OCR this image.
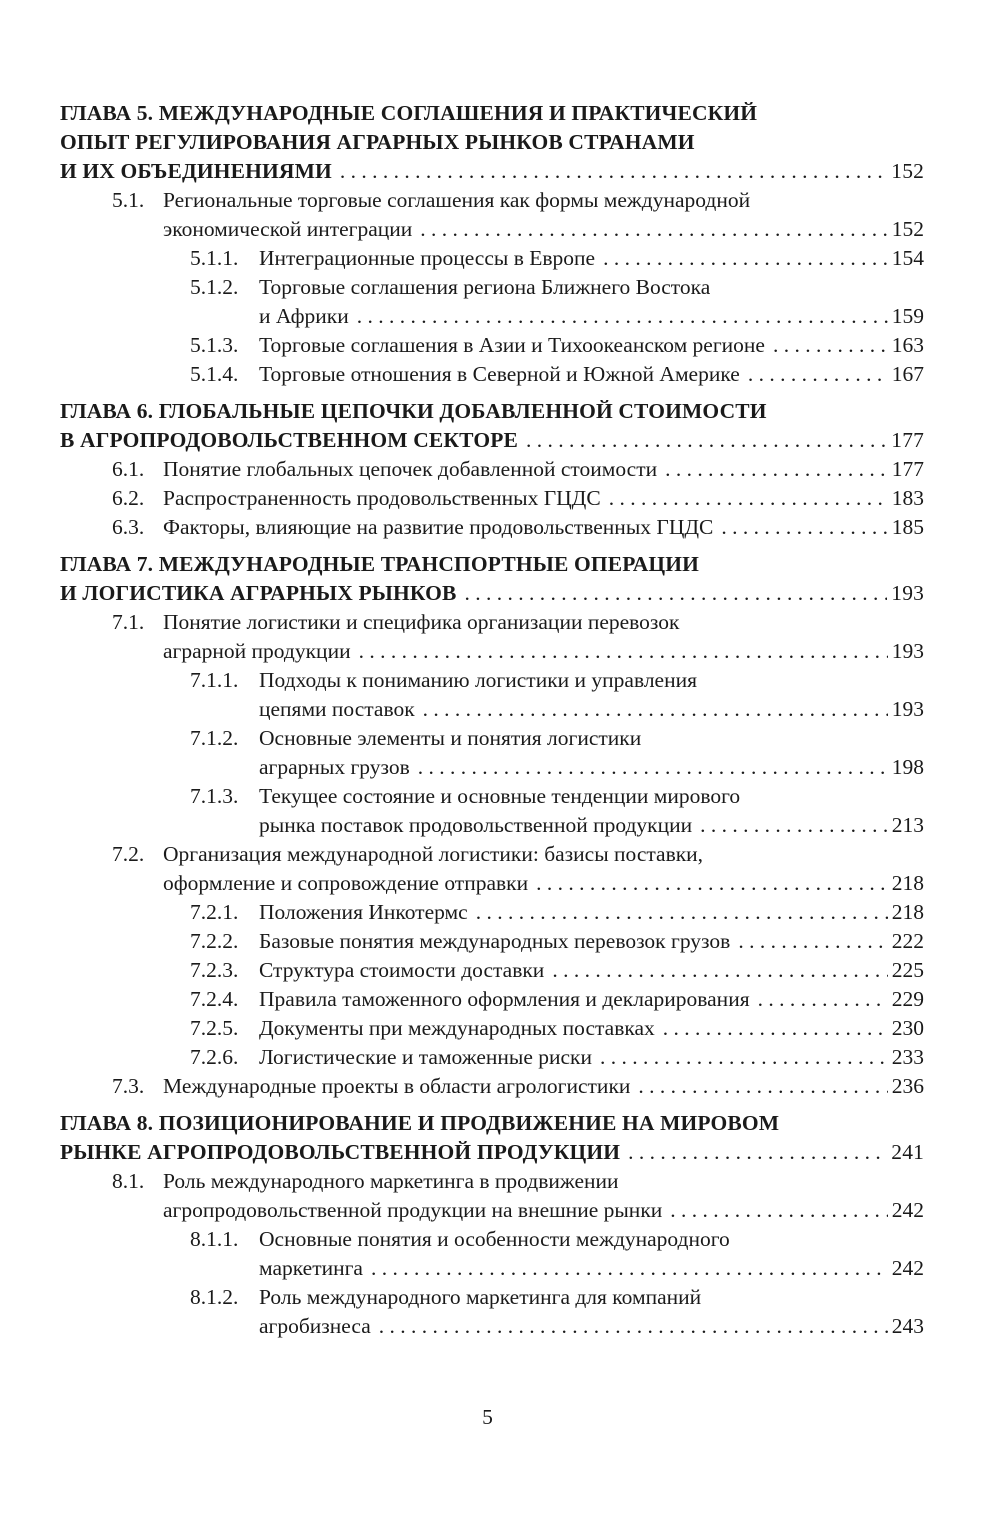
ГЛАВА 5. МЕЖДУНАРОДНЫЕ СОГЛАШЕНИЯ И ПРАКТИЧЕСКИЙ
ОПЫТ РЕГУЛИРОВАНИЯ АГРАРНЫХ РЫНКОВ СТРАНАМИ
И ИХ ОБЪЕДИНЕНИЯМИ . . .	152
5.1. Региональные торговые соглашения как формы международной
экономической интеграции . . .	152
5.1.1. Интеграционные процессы в Европе . . .	154
5.1.2. Торговые соглашения региона Ближнего Востока
и Африки . . .	159
5.1.3. Торговые соглашения в Азии и Тихоокеанском регионе . . .	163
5.1.4. Торговые отношения в Северной и Южной Америке . . .	167
ГЛАВА 6. ГЛОБАЛЬНЫЕ ЦЕПОЧКИ ДОБАВЛЕННОЙ СТОИМОСТИ
В АГРОПРОДОВОЛЬСТВЕННОМ СЕКТОРЕ . . .	177
6.1. Понятие глобальных цепочек добавленной стоимости . . .	177
6.2. Распространенность продовольственных ГЦДС . . .	183
6.3. Факторы, влияющие на развитие продовольственных ГЦДС . . .	185
ГЛАВА 7. МЕЖДУНАРОДНЫЕ ТРАНСПОРТНЫЕ ОПЕРАЦИИ
И ЛОГИСТИКА АГРАРНЫХ РЫНКОВ . . .	193
7.1. Понятие логистики и специфика организации перевозок
аграрной продукции . . .	193
7.1.1. Подходы к пониманию логистики и управления
цепями поставок . . .	193
7.1.2. Основные элементы и понятия логистики
аграрных грузов . . .	198
7.1.3. Текущее состояние и основные тенденции мирового
рынка поставок продовольственной продукции . . .	213
7.2. Организация международной логистики: базисы поставки,
оформление и сопровождение отправки . . .	218
7.2.1. Положения Инкотермс . . .	218
7.2.2. Базовые понятия международных перевозок грузов . . .	222
7.2.3. Структура стоимости доставки . . .	225
7.2.4. Правила таможенного оформления и декларирования . . .	229
7.2.5. Документы при международных поставках . . .	230
7.2.6. Логистические и таможенные риски . . .	233
7.3. Международные проекты в области агрологистики . . .	236
ГЛАВА 8. ПОЗИЦИОНИРОВАНИЕ И ПРОДВИЖЕНИЕ НА МИРОВОМ
РЫНКЕ АГРОПРОДОВОЛЬСТВЕННОЙ ПРОДУКЦИИ . . .	241
8.1. Роль международного маркетинга в продвижении
агропродовольственной продукции на внешние рынки . . .	242
8.1.1. Основные понятия и особенности международного
маркетинга . . .	242
8.1.2. Роль международного маркетинга для компаний
агробизнеса . . .	243
5
